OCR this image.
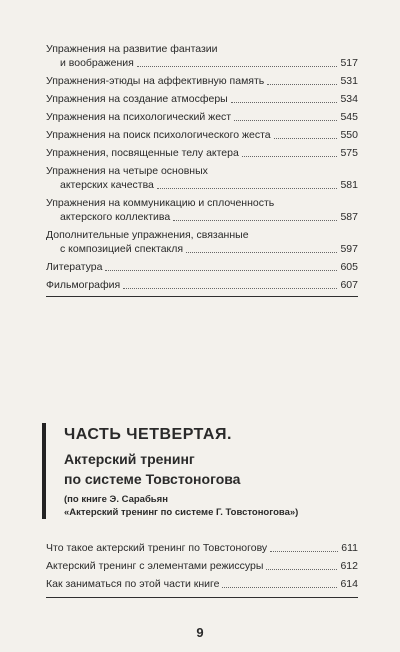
Упражнения на развитие фантазии
и воображения	517
Упражнения-этюды на аффективную память	531
Упражнения на создание атмосферы	534
Упражнения на психологический жест	545
Упражнения на поиск психологического жеста	550
Упражнения, посвященные телу актера	575
Упражнения на четыре основных
актерских качества	581
Упражнения на коммуникацию и сплоченность
актерского коллектива	587
Дополнительные упражнения, связанные
с композицией спектакля	597
Литература	605
Фильмография	607
ЧАСТЬ ЧЕТВЕРТАЯ.
Актерский тренинг
по системе Товстоногова
(по книге Э. Сарабьян
«Актерский тренинг по системе Г. Товстоногова»)
Что такое актерский тренинг по Товстоногову	611
Актерский тренинг с элементами режиссуры	612
Как заниматься по этой части книге	614
9
